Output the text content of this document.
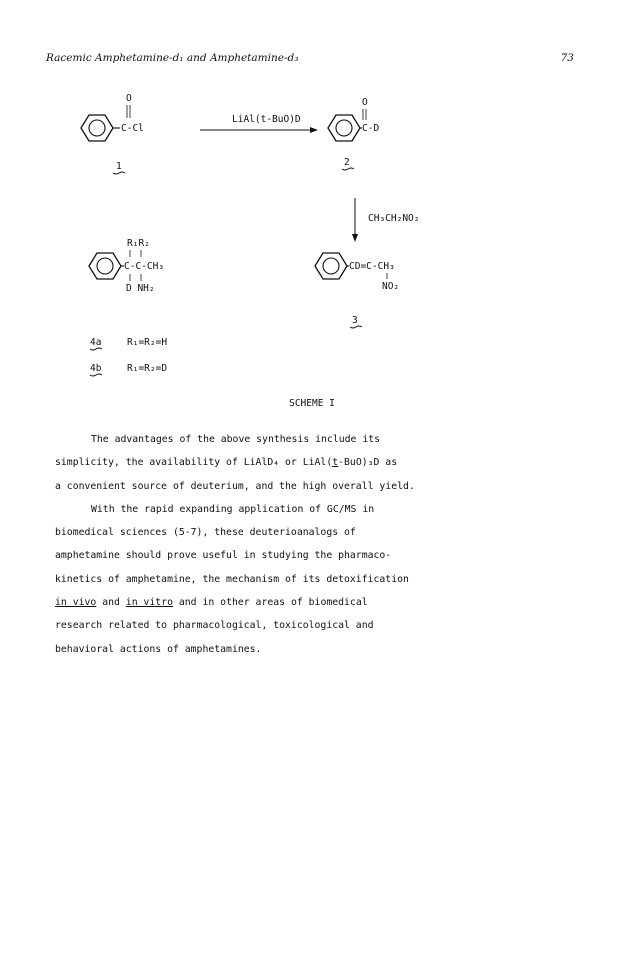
Racemic Amphetamine-d₁ and Amphetamine-d₃	73
O
C-Cl
1
LiAl(t-BuO)D
O
C-D
2
CH₃CH₂NO₂
CD=C-CH₃
NO₂
3
R₁R₂
C-C-CH₃
D NH₂
4a	R₁=R₂=H
4b	R₁=R₂=D
SCHEME I

The advantages of the above synthesis include its
simplicity, the availability of LiAlD₄ or LiAl(t-BuO)₃D as
a convenient source of deuterium, and the high overall yield.

With the rapid expanding application of GC/MS in
biomedical sciences (5-7), these deuterioanalogs of
amphetamine should prove useful in studying the pharmaco-
kinetics of amphetamine, the mechanism of its detoxification
in vivo and in vitro and in other areas of biomedical
research related to pharmacological, toxicological and
behavioral actions of amphetamines.
